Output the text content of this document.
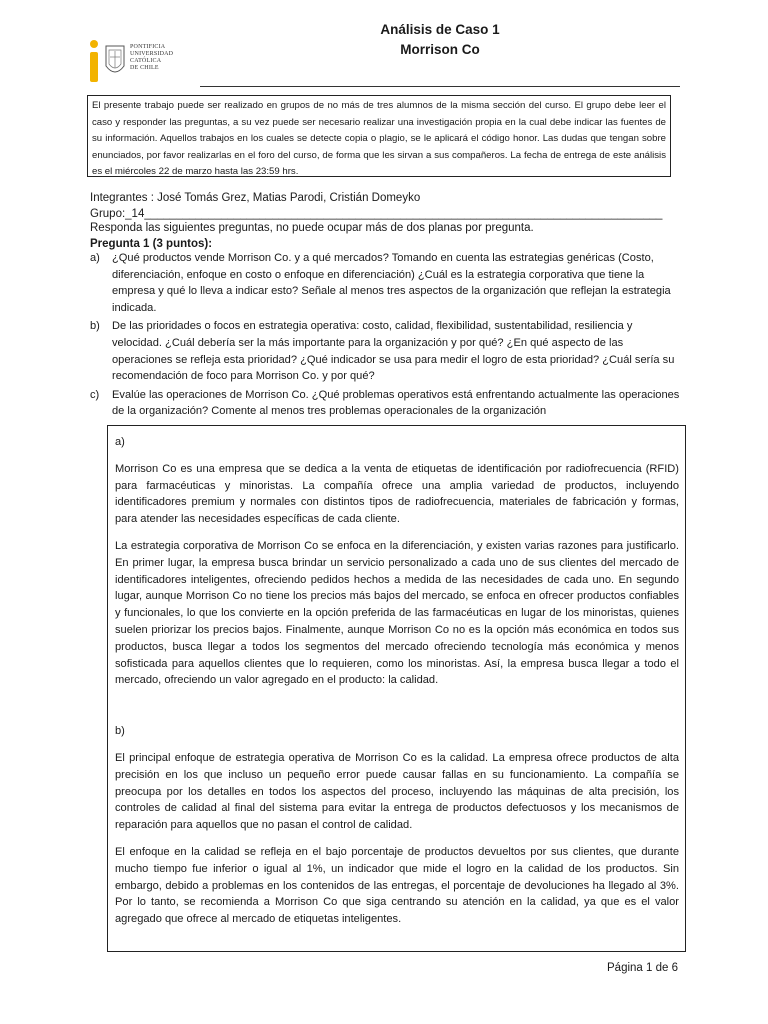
PONTIFICIA
UNIVERSIDAD
CATÓLICA
DE CHILE

Análisis de Caso 1

Morrison Co

El presente trabajo puede ser realizado en grupos de no más de tres alumnos de la misma sección del curso. El grupo debe leer el caso y responder las preguntas, a su vez puede ser necesario realizar una investigación propia en la cual debe indicar las fuentes de su información. Aquellos trabajos en los cuales se detecte copia o plagio, se le aplicará el código honor. Las dudas que tengan sobre enunciados, por favor realizarlas en el foro del curso, de forma que les sirvan a sus compañeros. La fecha de entrega de este análisis es el miércoles 22 de marzo hasta las 23:59 hrs.
Integrantes : José Tomás Grez, Matias Parodi, Cristián Domeyko
Grupo:_14_________________________________________________________________________________
Responda las siguientes preguntas, no puede ocupar más de dos planas por pregunta.
Pregunta 1 (3 puntos):
a) ¿Qué productos vende Morrison Co. y a qué mercados? Tomando en cuenta las estrategias genéricas (Costo, diferenciación, enfoque en costo o enfoque en diferenciación) ¿Cuál es la estrategia corporativa que tiene la empresa y qué lo lleva a indicar esto? Señale al menos tres aspectos de la organización que reflejan la estrategia indicada.
b) De las prioridades o focos en estrategia operativa: costo, calidad, flexibilidad, sustentabilidad, resiliencia y velocidad. ¿Cuál debería ser la más importante para la organización y por qué? ¿En qué aspecto de las operaciones se refleja esta prioridad? ¿Qué indicador se usa para medir el logro de esta prioridad? ¿Cuál sería su recomendación de foco para Morrison Co. y por qué?
c) Evalúe las operaciones de Morrison Co. ¿Qué problemas operativos está enfrentando actualmente las operaciones de la organización? Comente al menos tres problemas operacionales de la organización

a)

Morrison Co es una empresa que se dedica a la venta de etiquetas de identificación por radiofrecuencia (RFID) para farmacéuticas y minoristas. La compañía ofrece una amplia variedad de productos, incluyendo identificadores premium y normales con distintos tipos de radiofrecuencia, materiales de fabricación y formas, para atender las necesidades específicas de cada cliente.

La estrategia corporativa de Morrison Co se enfoca en la diferenciación, y existen varias razones para justificarlo. En primer lugar, la empresa busca brindar un servicio personalizado a cada uno de sus clientes del mercado de identificadores inteligentes, ofreciendo pedidos hechos a medida de las necesidades de cada uno. En segundo lugar, aunque Morrison Co no tiene los precios más bajos del mercado, se enfoca en ofrecer productos confiables y funcionales, lo que los convierte en la opción preferida de las farmacéuticas en lugar de los minoristas, quienes suelen priorizar los precios bajos. Finalmente, aunque Morrison Co no es la opción más económica en todos sus productos, busca llegar a todos los segmentos del mercado ofreciendo tecnología más económica y menos sofisticada para aquellos clientes que lo requieren, como los minoristas. Así, la empresa busca llegar a todo el mercado, ofreciendo un valor agregado en el producto: la calidad.

b)

El principal enfoque de estrategia operativa de Morrison Co es la calidad. La empresa ofrece productos de alta precisión en los que incluso un pequeño error puede causar fallas en su funcionamiento. La compañía se preocupa por los detalles en todos los aspectos del proceso, incluyendo las máquinas de alta precisión, los controles de calidad al final del sistema para evitar la entrega de productos defectuosos y los mecanismos de reparación para aquellos que no pasan el control de calidad.

El enfoque en la calidad se refleja en el bajo porcentaje de productos devueltos por sus clientes, que durante mucho tiempo fue inferior o igual al 1%, un indicador que mide el logro en la calidad de los productos. Sin embargo, debido a problemas en los contenidos de las entregas, el porcentaje de devoluciones ha llegado al 3%. Por lo tanto, se recomienda a Morrison Co que siga centrando su atención en la calidad, ya que es el valor agregado que ofrece al mercado de etiquetas inteligentes.

Página 1 de 6
